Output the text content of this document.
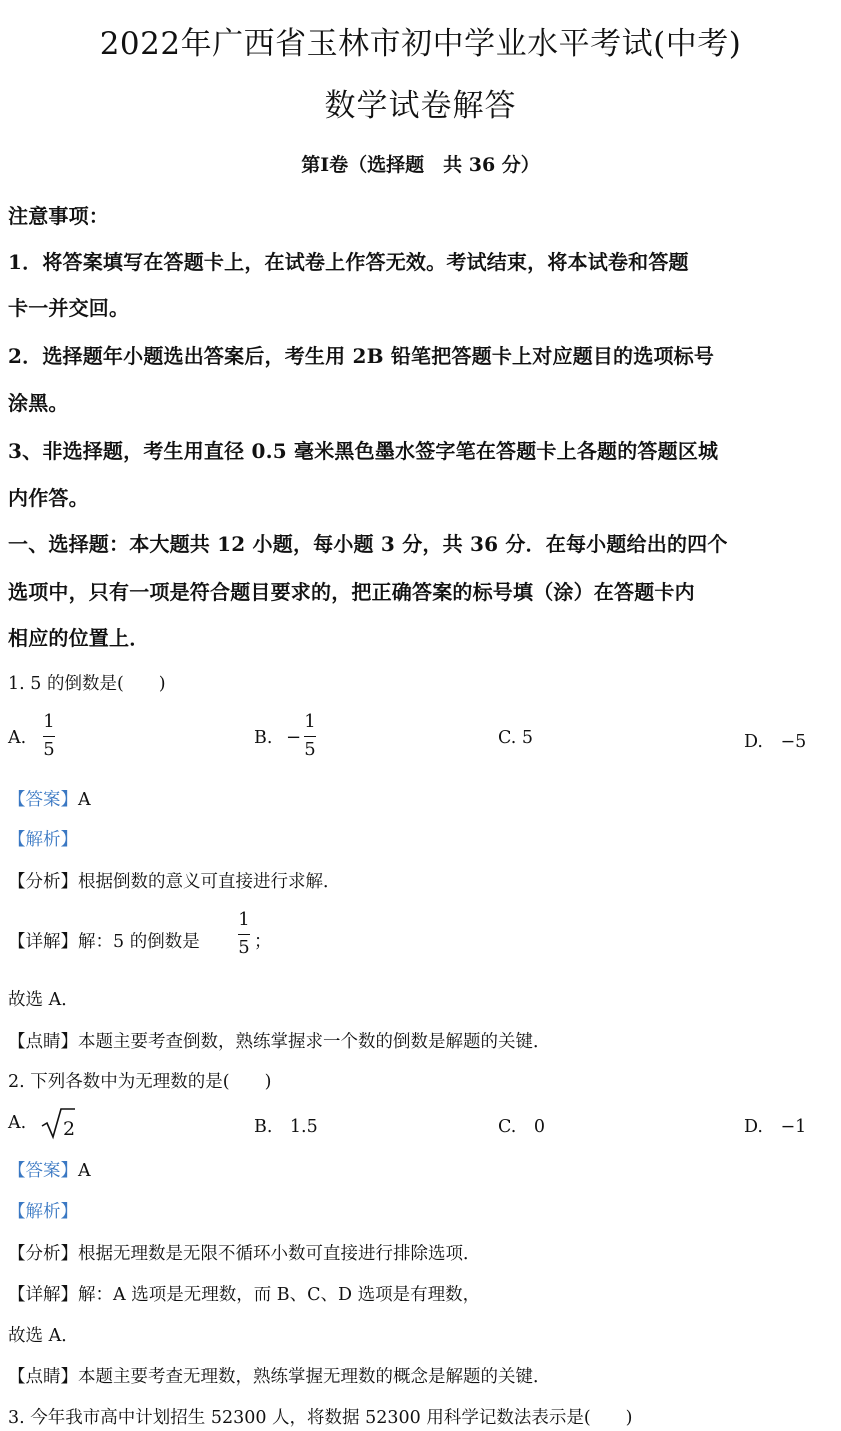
2022年广西省玉林市初中学业水平考试(中考)
数学试卷解答
第Ⅰ卷（选择题　共 36 分）
注意事项：
1．将答案填写在答题卡上，在试卷上作答无效。考试结束，将本试卷和答题
卡一并交回。
2．选择题年小题选出答案后，考生用 2B 铅笔把答题卡上对应题目的选项标号
涂黑。
3、非选择题，考生用直径 0.5 毫米黑色墨水签字笔在答题卡上各题的答题区城
内作答。
一、选择题：本大题共 12 小题，每小题 3 分，共 36 分．在每小题给出的四个
选项中，只有一项是符合题目要求的，把正确答案的标号填（涂）在答题卡内
相应的位置上．
1. 5 的倒数是(　　)
A.
1
5
B. −
1
5
C. 5	D.　−5
【答案】A
【解析】
【分析】根据倒数的意义可直接进行求解．
【详解】解：5 的倒数是
1
5 ；
故选 A．
【点睛】本题主要考查倒数，熟练掌握求一个数的倒数是解题的关键．
2. 下列各数中为无理数的是(　　)
A. 2	B.　1.5	C.　0	D.　−1
【答案】A
【解析】
【分析】根据无理数是无限不循环小数可直接进行排除选项．
【详解】解：A 选项是无理数，而 B、C、D 选项是有理数，
故选 A．
【点睛】本题主要考查无理数，熟练掌握无理数的概念是解题的关键．
3. 今年我市高中计划招生 52300 人，将数据 52300 用科学记数法表示是(　　)
